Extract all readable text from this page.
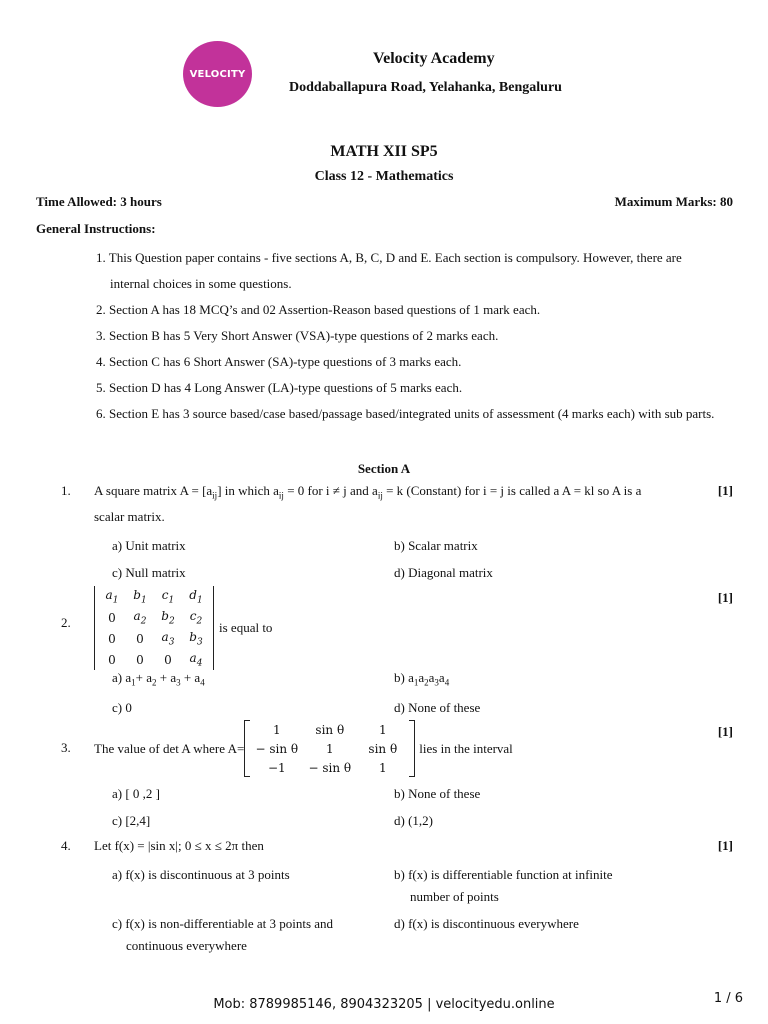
VELOCITY
Velocity Academy
Doddaballapura Road, Yelahanka, Bengaluru
MATH XII SP5
Class 12 - Mathematics
Time Allowed: 3 hours	Maximum Marks: 80
General Instructions:
1. This Question paper contains - five sections A, B, C, D and E. Each section is compulsory. However, there are internal choices in some questions.
2. Section A has 18 MCQ’s and 02 Assertion-Reason based questions of 1 mark each.
3. Section B has 5 Very Short Answer (VSA)-type questions of 2 marks each.
4. Section C has 6 Short Answer (SA)-type questions of 3 marks each.
5. Section D has 4 Long Answer (LA)-type questions of 5 marks each.
6. Section E has 3 source based/case based/passage based/integrated units of assessment (4 marks each) with sub parts.
Section A
1. A square matrix $A = [a_{ij}]$ in which $a_{ij} = 0$ for i ≠ j and $a_{ij} = k$ (Constant) for i = j is called a A = kl so A is a
scalar matrix.
[1]
a) Unit matrix	b) Scalar matrix
c) Null matrix	d) Diagonal matrix
2.
$a_1$	$b_1$	$c_1$	$d_1$
0	$a_2$	$b_2$	$c_2$
0	0	$a_3$	$b_3$
0	0	0	$a_4$
is equal to
[1]
a) $a_1+ a_2 + a_3 + a_4$	b) $a_1a_2a_3a_4$
c) 0	d) None of these
3. The value of det A where A=
1	sin θ	1
− sin θ	1	sin θ
−1	− sin θ	1
lies in the interval
[1]
a) [ 0 ,2 ]	b) None of these
c) [2,4]	d) (1,2)
4. Let f(x) = |sin x|; 0 ≤ x ≤ 2π then	[1]
a) f(x) is discontinuous at 3 points	b) f(x) is differentiable function at infinite
number of points
c) f(x) is non-differentiable at 3 points and
continuous everywhere
d) f(x) is discontinuous everywhere
Mob: 8789985146, 8904323205 | velocityedu.online	1 / 6
